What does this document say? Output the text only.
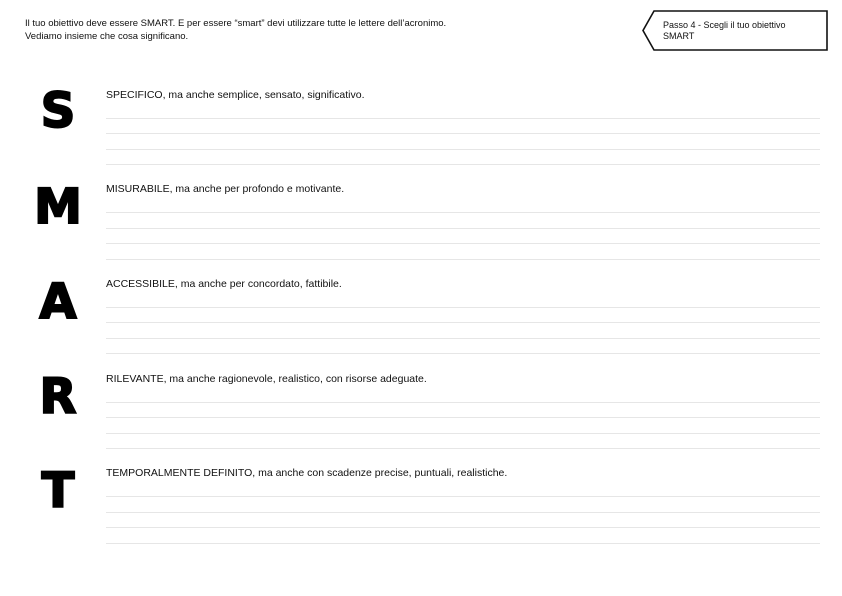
Il tuo obiettivo deve essere SMART. E per essere “smart” devi utilizzare tutte le lettere dell’acronimo.
Vediamo insieme che cosa significano.
Passo 4 - Scegli il tuo obiettivo
SMART
S	SPECIFICO, ma anche semplice, sensato, significativo.
M	MISURABILE, ma anche per profondo e motivante.
A	ACCESSIBILE, ma anche per concordato, fattibile.
R	RILEVANTE, ma anche ragionevole, realistico, con risorse adeguate.
T	TEMPORALMENTE DEFINITO, ma anche con scadenze precise, puntuali, realistiche.
